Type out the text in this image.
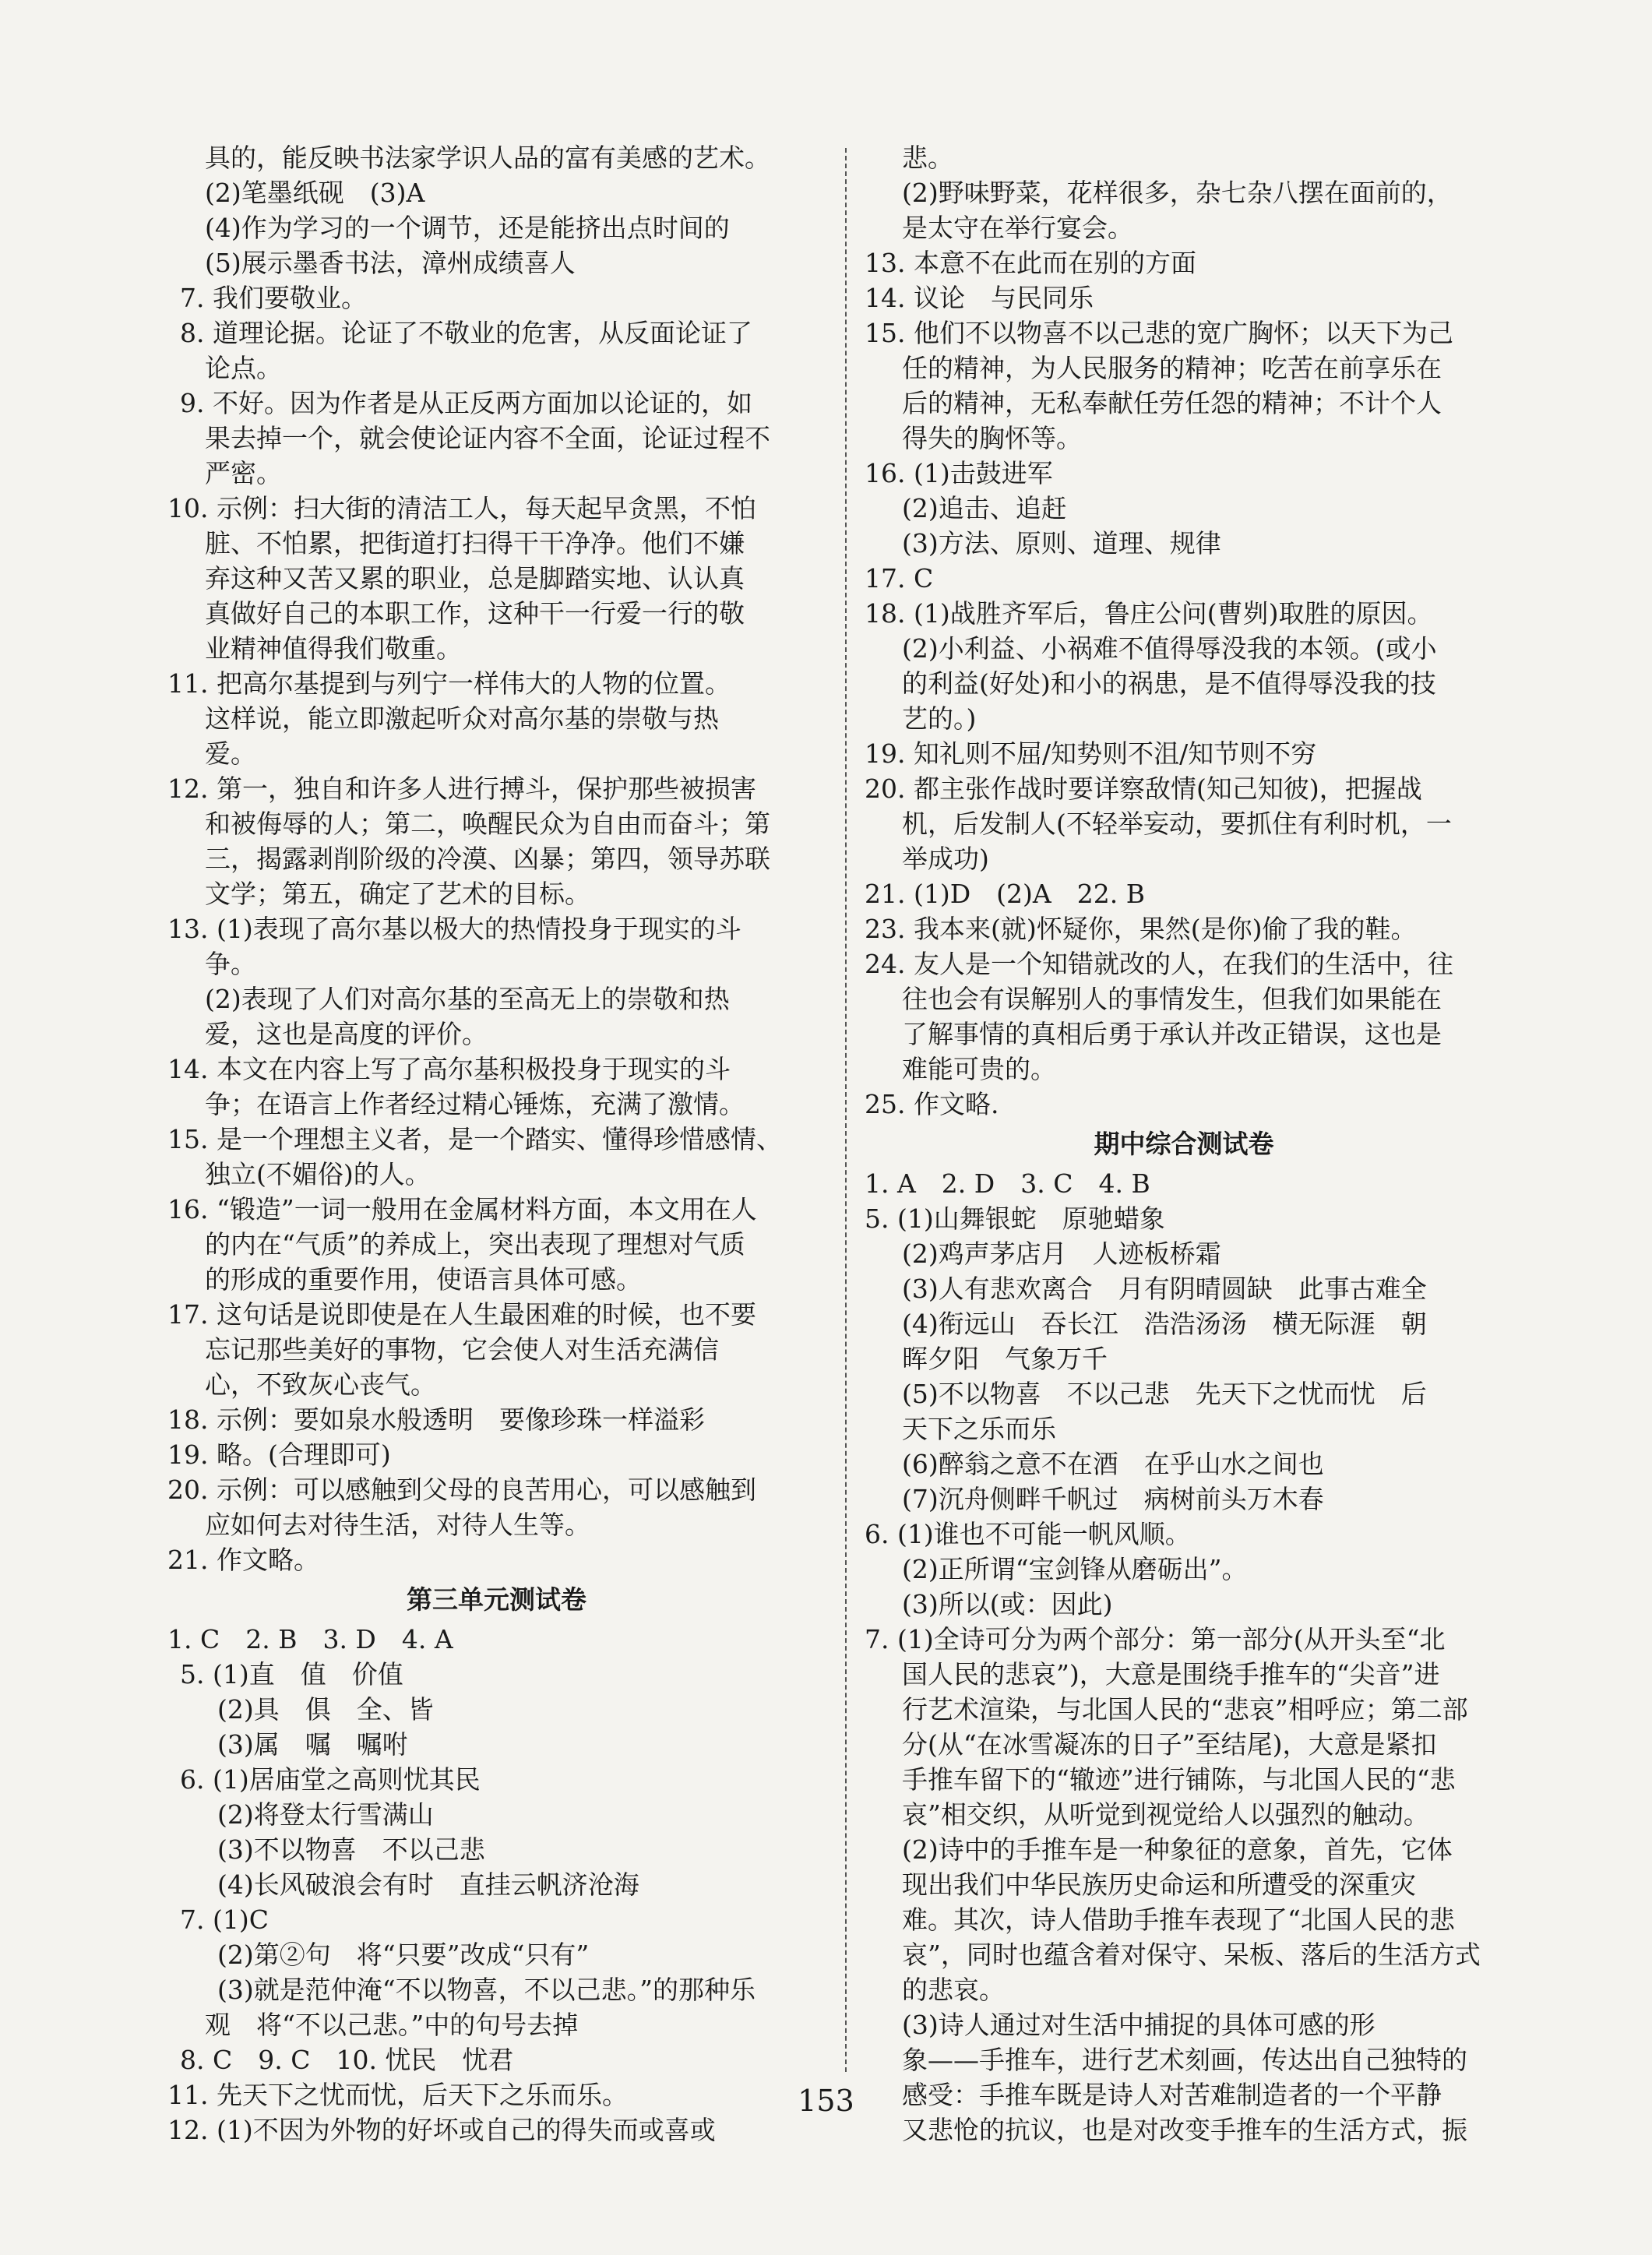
具的，能反映书法家学识人品的富有美感的艺术。
(2)笔墨纸砚　(3)A
(4)作为学习的一个调节，还是能挤出点时间的
(5)展示墨香书法，漳州成绩喜人
7. 我们要敬业。
8. 道理论据。论证了不敬业的危害，从反面论证了
论点。
9. 不好。因为作者是从正反两方面加以论证的，如
果去掉一个，就会使论证内容不全面，论证过程不
严密。
10. 示例：扫大街的清洁工人，每天起早贪黑，不怕
脏、不怕累，把街道打扫得干干净净。他们不嫌
弃这种又苦又累的职业，总是脚踏实地、认认真
真做好自己的本职工作，这种干一行爱一行的敬
业精神值得我们敬重。
11. 把高尔基提到与列宁一样伟大的人物的位置。
这样说，能立即激起听众对高尔基的崇敬与热
爱。
12. 第一，独自和许多人进行搏斗，保护那些被损害
和被侮辱的人；第二，唤醒民众为自由而奋斗；第
三，揭露剥削阶级的冷漠、凶暴；第四，领导苏联
文学；第五，确定了艺术的目标。
13. (1)表现了高尔基以极大的热情投身于现实的斗
争。
(2)表现了人们对高尔基的至高无上的崇敬和热
爱，这也是高度的评价。
14. 本文在内容上写了高尔基积极投身于现实的斗
争；在语言上作者经过精心锤炼，充满了激情。
15. 是一个理想主义者，是一个踏实、懂得珍惜感情、
独立(不媚俗)的人。
16. “锻造”一词一般用在金属材料方面，本文用在人
的内在“气质”的养成上，突出表现了理想对气质
的形成的重要作用，使语言具体可感。
17. 这句话是说即使是在人生最困难的时候，也不要
忘记那些美好的事物，它会使人对生活充满信
心，不致灰心丧气。
18. 示例：要如泉水般透明　要像珍珠一样溢彩
19. 略。(合理即可)
20. 示例：可以感触到父母的良苦用心，可以感触到
应如何去对待生活，对待人生等。
21. 作文略。
第三单元测试卷
1. C　2. B　3. D　4. A
5. (1)直　值　价值
(2)具　俱　全、皆
(3)属　嘱　嘱咐
6. (1)居庙堂之高则忧其民
(2)将登太行雪满山
(3)不以物喜　不以己悲
(4)长风破浪会有时　直挂云帆济沧海
7. (1)C
(2)第②句　将“只要”改成“只有”
(3)就是范仲淹“不以物喜，不以己悲。”的那种乐
观　将“不以己悲。”中的句号去掉
8. C　9. C　10. 忧民　忧君
11. 先天下之忧而忧，后天下之乐而乐。
12. (1)不因为外物的好坏或自己的得失而或喜或
悲。
(2)野味野菜，花样很多，杂七杂八摆在面前的，
是太守在举行宴会。
13. 本意不在此而在别的方面
14. 议论　与民同乐
15. 他们不以物喜不以己悲的宽广胸怀；以天下为己
任的精神，为人民服务的精神；吃苦在前享乐在
后的精神，无私奉献任劳任怨的精神；不计个人
得失的胸怀等。
16. (1)击鼓进军
(2)追击、追赶
(3)方法、原则、道理、规律
17. C
18. (1)战胜齐军后，鲁庄公问(曹刿)取胜的原因。
(2)小利益、小祸难不值得辱没我的本领。(或小
的利益(好处)和小的祸患，是不值得辱没我的技
艺的。)
19. 知礼则不屈/知势则不沮/知节则不穷
20. 都主张作战时要详察敌情(知己知彼)，把握战
机，后发制人(不轻举妄动，要抓住有利时机，一
举成功)
21. (1)D　(2)A　22. B
23. 我本来(就)怀疑你，果然(是你)偷了我的鞋。
24. 友人是一个知错就改的人，在我们的生活中，往
往也会有误解别人的事情发生，但我们如果能在
了解事情的真相后勇于承认并改正错误，这也是
难能可贵的。
25. 作文略.
期中综合测试卷
1. A　2. D　3. C　4. B
5. (1)山舞银蛇　原驰蜡象
(2)鸡声茅店月　人迹板桥霜
(3)人有悲欢离合　月有阴晴圆缺　此事古难全
(4)衔远山　吞长江　浩浩汤汤　横无际涯　朝
晖夕阳　气象万千
(5)不以物喜　不以己悲　先天下之忧而忧　后
天下之乐而乐
(6)醉翁之意不在酒　在乎山水之间也
(7)沉舟侧畔千帆过　病树前头万木春
6. (1)谁也不可能一帆风顺。
(2)正所谓“宝剑锋从磨砺出”。
(3)所以(或：因此)
7. (1)全诗可分为两个部分：第一部分(从开头至“北
国人民的悲哀”)，大意是围绕手推车的“尖音”进
行艺术渲染，与北国人民的“悲哀”相呼应；第二部
分(从“在冰雪凝冻的日子”至结尾)，大意是紧扣
手推车留下的“辙迹”进行铺陈，与北国人民的“悲
哀”相交织，从听觉到视觉给人以强烈的触动。
(2)诗中的手推车是一种象征的意象，首先，它体
现出我们中华民族历史命运和所遭受的深重灾
难。其次，诗人借助手推车表现了“北国人民的悲
哀”，同时也蕴含着对保守、呆板、落后的生活方式
的悲哀。
(3)诗人通过对生活中捕捉的具体可感的形
象——手推车，进行艺术刻画，传达出自己独特的
感受：手推车既是诗人对苦难制造者的一个平静
又悲怆的抗议，也是对改变手推车的生活方式，振
153
